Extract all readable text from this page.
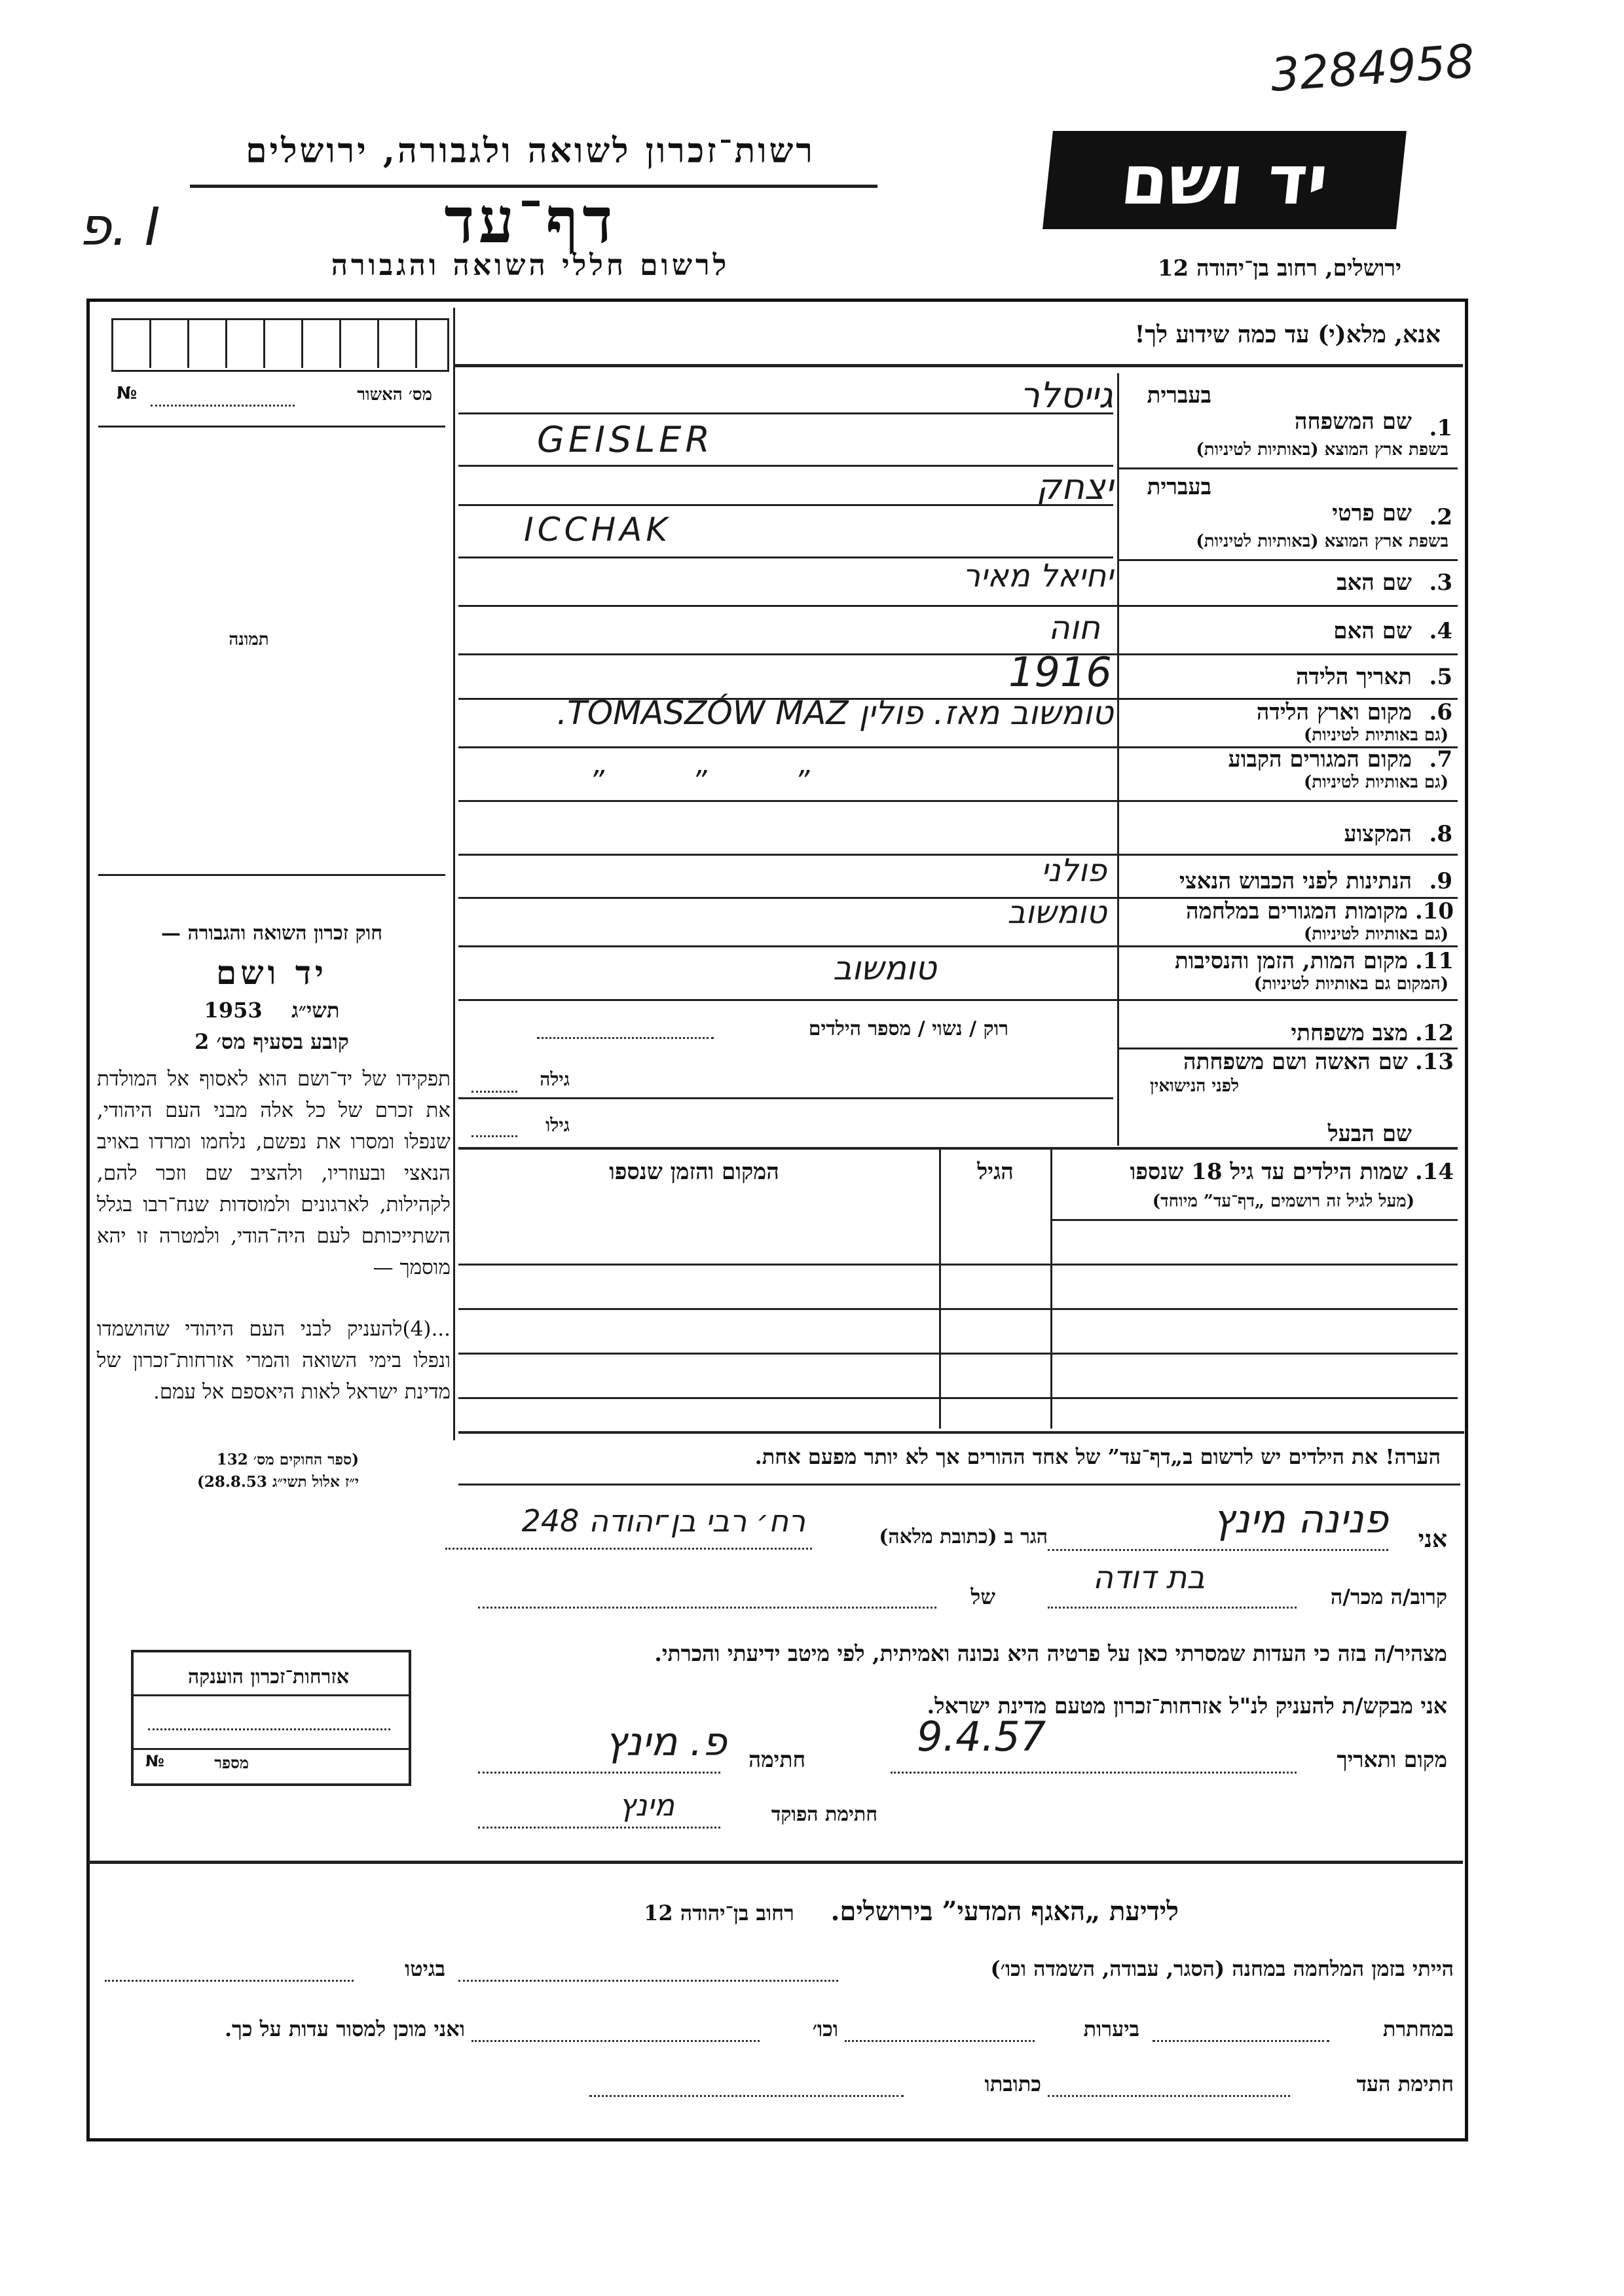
3284958
רשות־זכרון לשואה ולגבורה, ירושלים
דף־עד
פ. I
לרשום חללי השואה והגבורה
יד ושם
ירושלים, רחוב בן־יהודה 12
מס׳ האשור
№
תמונה
חוק זכרון השואה והגבורה —
יד ושם
1953 תשי״ג
קובע בסעיף מס׳ 2
תפקידו של יד־ושם הוא לאסוף אל המולדת את זכרם של כל אלה מבני העם היהודי, שנפלו ומסרו את נפשם, נלחמו ומרדו באויב הנאצי ובעוזריו, ולהציב שם וזכר להם, לקהילות, לארגונים ולמוסדות שנח־רבו בגלל השתייכותם לעם היה־הודי, ולמטרה זו יהא מוסמך —
...(4)להעניק לבני העם היהודי שהושמדו ונפלו בימי השואה והמרי אזרחות־זכרון של מדינת ישראל לאות היאספם אל עמם.
(ספר החוקים מס׳ 132
י״ז אלול תשי״ג 28.8.53)
אזרחות־זכרון הוענקה
מספר
№
אנא, מלא(י) עד כמה שידוע לך!
1.
שם המשפחה
בעברית
בשפת ארץ המוצא (באותיות לטיניות)
גייסלר
GEISLER
2.
שם פרטי
בעברית
בשפת ארץ המוצא (באותיות לטיניות)
יצחק
ICCHAK
3.
שם האב
יחיאל מאיר
4.
שם האם
חוה
5.
תאריך הלידה
1916
6.
מקום וארץ הלידה
(גם באותיות לטיניות)
טומשוב מאז. פולין TOMASZÓW MAZ.
7.
מקום המגורים הקבוע
(גם באותיות לטיניות)
” ” ”
8.
המקצוע
9.
הנתינות לפני הכבוש הנאצי
פולני
10.
מקומות המגורים במלחמה
(גם באותיות לטיניות)
טומשוב
11.
מקום המות, הזמן והנסיבות
(המקום גם באותיות לטיניות)
טומשוב
12.
מצב משפחתי
רוק / נשוי / מספר הילדים
13.
שם האשה ושם משפחתה
לפני הנישואין
גילה
שם הבעל
גילו
14.
שמות הילדים עד גיל 18 שנספו
(מעל לגיל זה רושמים „דף־עד” מיוחד)
הגיל
המקום והזמן שנספו
הערה! את הילדים יש לרשום ב„דף־עד” של אחד ההורים אך לא יותר מפעם אחת.
אני
פנינה מינץ
הגר ב (כתובת מלאה)
רח׳ רבי בן־יהודה 248
קרוב/ה מכר/ה
בת דודה
של
מצהיר/ה בזה כי העדות שמסרתי כאן על פרטיה היא נכונה ואמיתית, לפי מיטב ידיעתי והכרתי.
אני מבקש/ת להעניק לנ"ל אזרחות־זכרון מטעם מדינת ישראל.
מקום ותאריך
9.4.57
חתימה
פ. מינץ
חתימת הפוקד
מינץ
לידיעת „האגף המדעי” בירושלים.    רחוב בן־יהודה 12
הייתי בזמן המלחמה במחנה (הסגר, עבודה, השמדה וכו׳)
בגיטו
במחתרת
ביערות
וכו׳
ואני מוכן למסור עדות על כך.
חתימת העד
כתובתו
